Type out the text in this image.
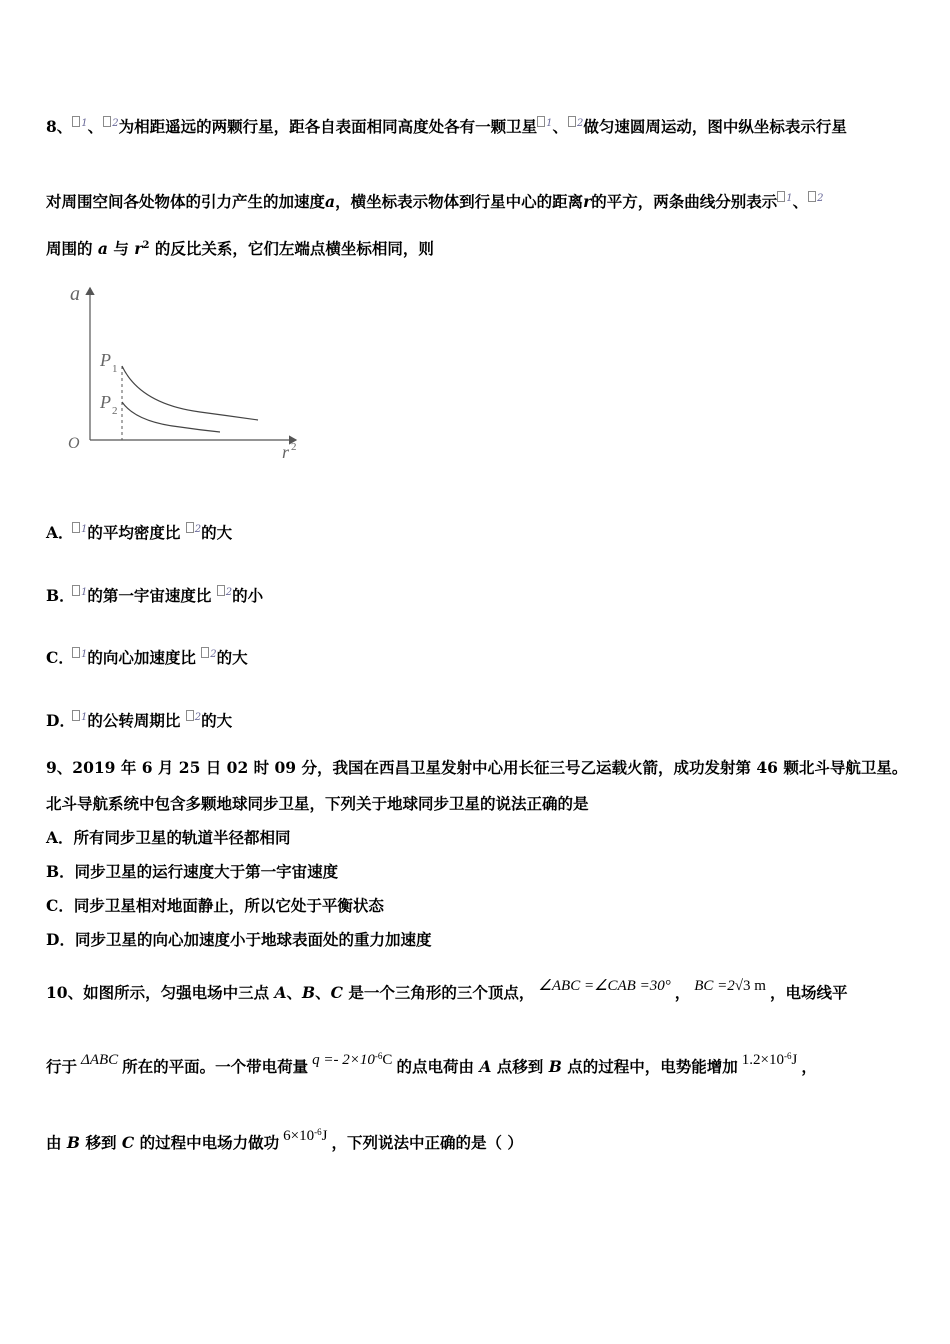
8、 1、 2为相距遥远的两颗行星，距各自表面相同高度处各有一颗卫星 1、 2做匀速圆周运动，图中纵坐标表示行星
对周围空间各处物体的引力产生的加速度a，横坐标表示物体到行星中心的距离r的平方，两条曲线分别表示 1、 2
周围的 a 与 $r^2$ 的反比关系，它们左端点横坐标相同，则
a
O	r 2
P 1
P 2
A． 1的平均密度比 2的大
B． 1的第一宇宙速度比 2的小
C． 1的向心加速度比 2的大
D． 1的公转周期比 2的大
9、2019 年 6 月 25 日 02 时 09 分，我国在西昌卫星发射中心用长征三号乙运载火箭，成功发射第 46 颗北斗导航卫星。
北斗导航系统中包含多颗地球同步卫星，下列关于地球同步卫星的说法正确的是
A．所有同步卫星的轨道半径都相同
B．同步卫星的运行速度大于第一宇宙速度
C．同步卫星相对地面静止，所以它处于平衡状态
D．同步卫星的向心加速度小于地球表面处的重力加速度
10、如图所示，匀强电场中三点 A、B、C 是一个三角形的三个顶点， ∠ABC =∠CAB =30° ， BC =2√3 m ，电场线平
行于 ΔABC 所在的平面。一个带电荷量 $q =- 2\times 10^{-6}C$ 的点电荷由 A 点移到 B 点的过程中，电势能增加 $1.2\times 10^{-6}J$ ，
由 B 移到 C 的过程中电场力做功 $6\times 10^{-6}J$ ，下列说法中正确的是（ ）
